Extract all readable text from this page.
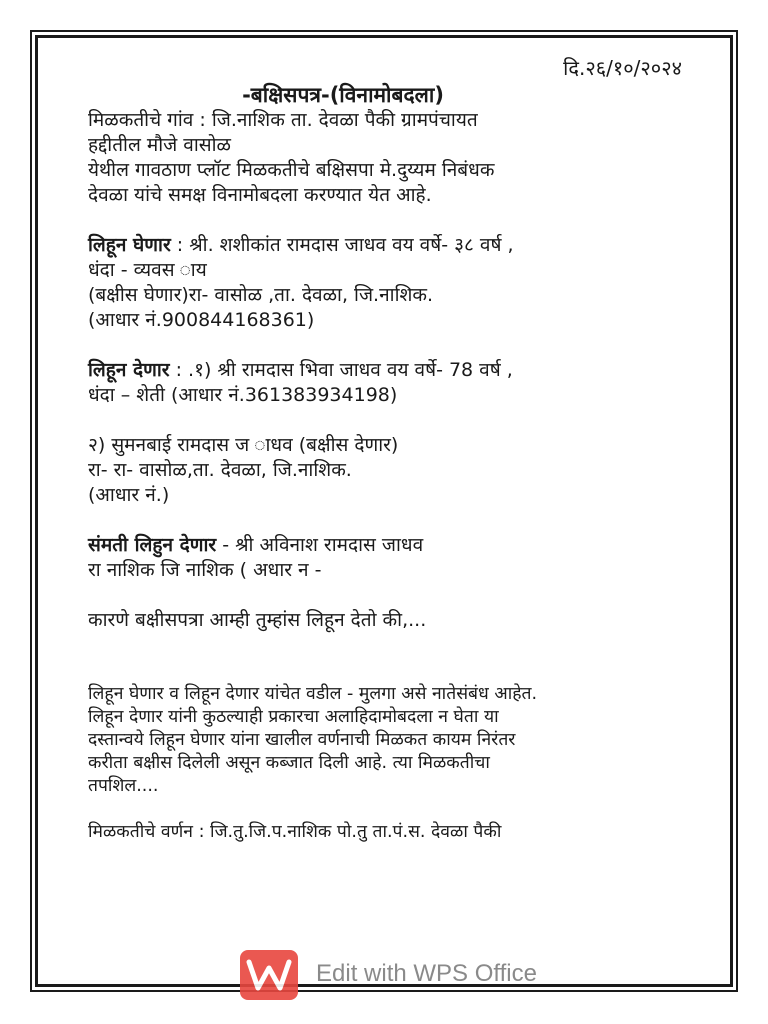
दि.२६/१०/२०२४
-बक्षिसपत्र-(विनामोबदला)
मिळकतीचे गांव : जि.नाशिक ता. देवळा पैकी ग्रामपंचायत
हद्दीतील मौजे वासोळ
येथील गावठाण प्लॉट मिळकतीचे बक्षिसपा मे.दुय्यम निबंधक
देवळा यांचे समक्ष विनामोबदला करण्यात येत आहे.
लिहून घेणार : श्री. शशीकांत रामदास जाधव वय वर्षे- ३८ वर्ष ,
धंदा - व्यवस ाय
(बक्षीस घेणार)रा- वासोळ ,ता. देवळा, जि.नाशिक.
(आधार नं.900844168361)
लिहून देणार : .१) श्री रामदास भिवा जाधव वय वर्षे- 78 वर्ष ,
धंदा – शेती (आधार नं.361383934198)
२) सुमनबाई रामदास ज ाधव (बक्षीस देणार)
रा- रा- वासोळ,ता. देवळा, जि.नाशिक.
(आधार नं.)
संमती लिहुन देणार - श्री अविनाश रामदास जाधव
रा नाशिक जि नाशिक ( अधार न -
कारणे बक्षीसपत्रा आम्ही तुम्हांस लिहून देतो की,...
लिहून घेणार व लिहून देणार यांचेत वडील - मुलगा असे नातेसंबंध आहेत.
लिहून देणार यांनी कुठल्याही प्रकारचा अलाहिदामोबदला न घेता या
दस्तान्वये लिहून घेणार यांना खालील वर्णनाची मिळकत कायम निरंतर
करीता बक्षीस दिलेली असून कब्जात दिली आहे. त्या मिळकतीचा
तपशिल....
मिळकतीचे वर्णन : जि.तु.जि.प.नाशिक पो.तु ता.पं.स. देवळा पैकी
Edit with WPS Office
